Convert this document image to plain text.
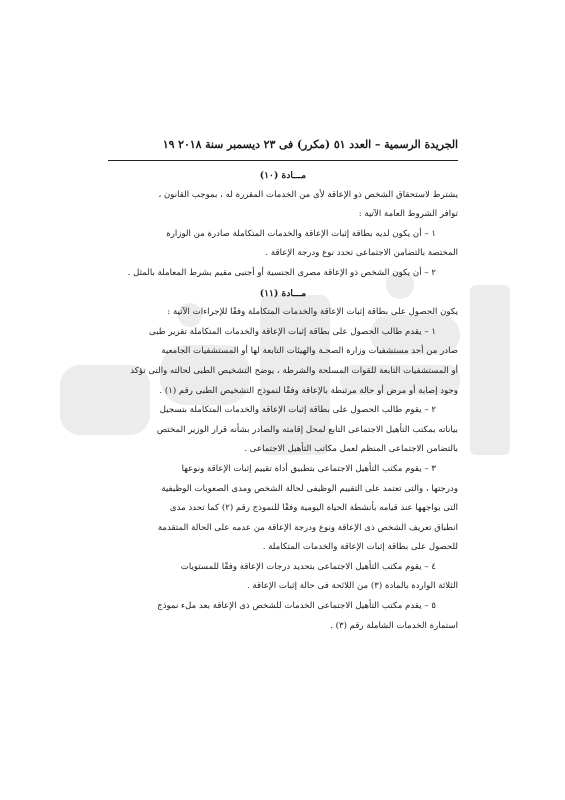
الجريدة الرسمية – العدد ٥١ (مكرر) فى ٢٣ ديسمبر سنة ٢٠١٨ ١٩
مـــادة (١٠)

يشترط لاستحقاق الشخص ذو الإعاقة لأى من الخدمات المقررة له ، بموجب القانون ،

توافر الشروط العامة الآتية :

١ – أن يكون لديه بطاقة إثبات الإعاقة والخدمات المتكاملة صادرة من الوزارة

المختصة بالتضامن الاجتماعى تحدد نوع ودرجة الإعاقة .

٢ – أن يكون الشخص ذو الإعاقة مصرى الجنسية أو أجنبى مقيم بشرط المعاملة بالمثل .

مـــادة (١١)

يكون الحصول على بطاقة إثبات الإعاقة والخدمات المتكاملة وفقًا للإجراءات الآتية :

١ – يقدم طالب الحصول على بطاقة إثبات الإعاقة والخدمات المتكاملة تقرير طبى

صادر من أحد مستشفيات وزارة الصحـة والهيئات التابعة لها أو المستشفيات الجامعية

أو المستشفيات التابعة للقوات المسلحة والشرطة ، يوضح التشخيص الطبى لحالته والتى تؤكد

وجود إصابة أو مرض أو حالة مرتبطة بالإعاقة وفقًا لنموذج التشخيص الطبى رقم (١) .

٢ – يقوم طالب الحصول على بطاقة إثبات الإعاقة والخدمات المتكاملة بتسجيل

بياناته بمكتب التأهيل الاجتماعى التابع لمحل إقامته والصادر بشأنه قرار الوزير المختص

بالتضامن الاجتماعى المنظم لعمل مكاتب التأهيل الاجتماعى .

٣ – يقوم مكتب التأهيل الاجتماعى بتطبيق أداة تقييم إثبات الإعاقة ونوعها

ودرجتها ، والتى تعتمد على التقييم الوظيفى لحالة الشخص ومدى الصعوبات الوظيفية

التى يواجهها عند قيامه بأنشطة الحياة اليومية وفقًا للنموذج رقم (٢) كما تحدد مدى

انطباق تعريف الشخص ذى الإعاقة ونوع ودرجة الإعاقة من عدمه على الحالة المتقدمة

للحصول على بطاقة إثبات الإعاقة والخدمات المتكاملة .

٤ – يقوم مكتب التأهيل الاجتماعى بتحديد درجات الإعاقة وفقًا للمستويات

الثلاثة الواردة بالمادة (٣) من اللائحة فى حالة إثبات الإعاقة .

٥ – يقدم مكتب التأهيل الاجتماعى الخدمات للشخص ذى الإعاقة بعد ملء نموذج

استمارة الخدمات الشاملة رقم (٣) .
